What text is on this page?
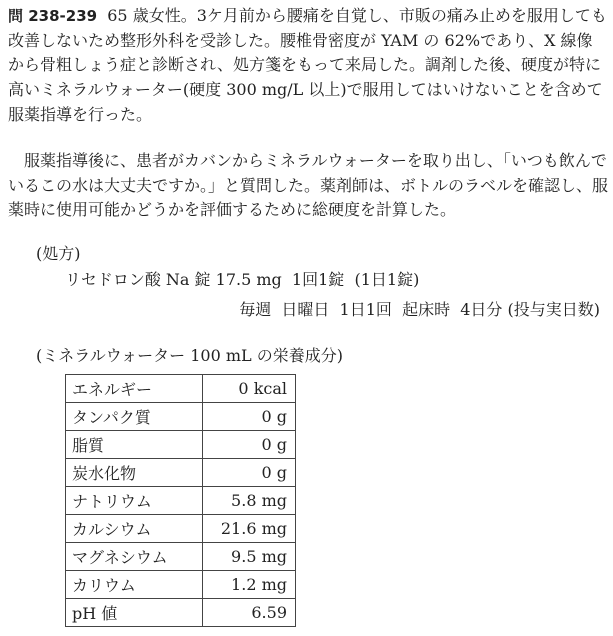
問 238-239 65 歳女性。3ケ月前から腰痛を自覚し、市販の痛み止めを服用しても改善しないため整形外科を受診した。腰椎骨密度が YAM の 62%であり、X 線像から骨粗しょう症と診断され、処方箋をもって来局した。調剤した後、硬度が特に高いミネラルウォーター(硬度 300 mg/L 以上)で服用してはいけないことを含めて服薬指導を行った。

服薬指導後に、患者がカバンからミネラルウォーターを取り出し、「いつも飲んでいるこの水は大丈夫ですか。」と質問した。薬剤師は、ボトルのラベルを確認し、服薬時に使用可能かどうかを評価するために総硬度を計算した。

(処方)
リセドロン酸 Na 錠 17.5 mg  1回1錠  (1日1錠)
毎週  日曜日  1日1回  起床時  4日分 (投与実日数)
(ミネラルウォーター 100 mL の栄養成分)
エネルギー	0 kcal
タンパク質	0 g
脂質	0 g
炭水化物	0 g
ナトリウム	5.8 mg
カルシウム	21.6 mg
マグネシウム	9.5 mg
カリウム	1.2 mg
pH 値	6.59
